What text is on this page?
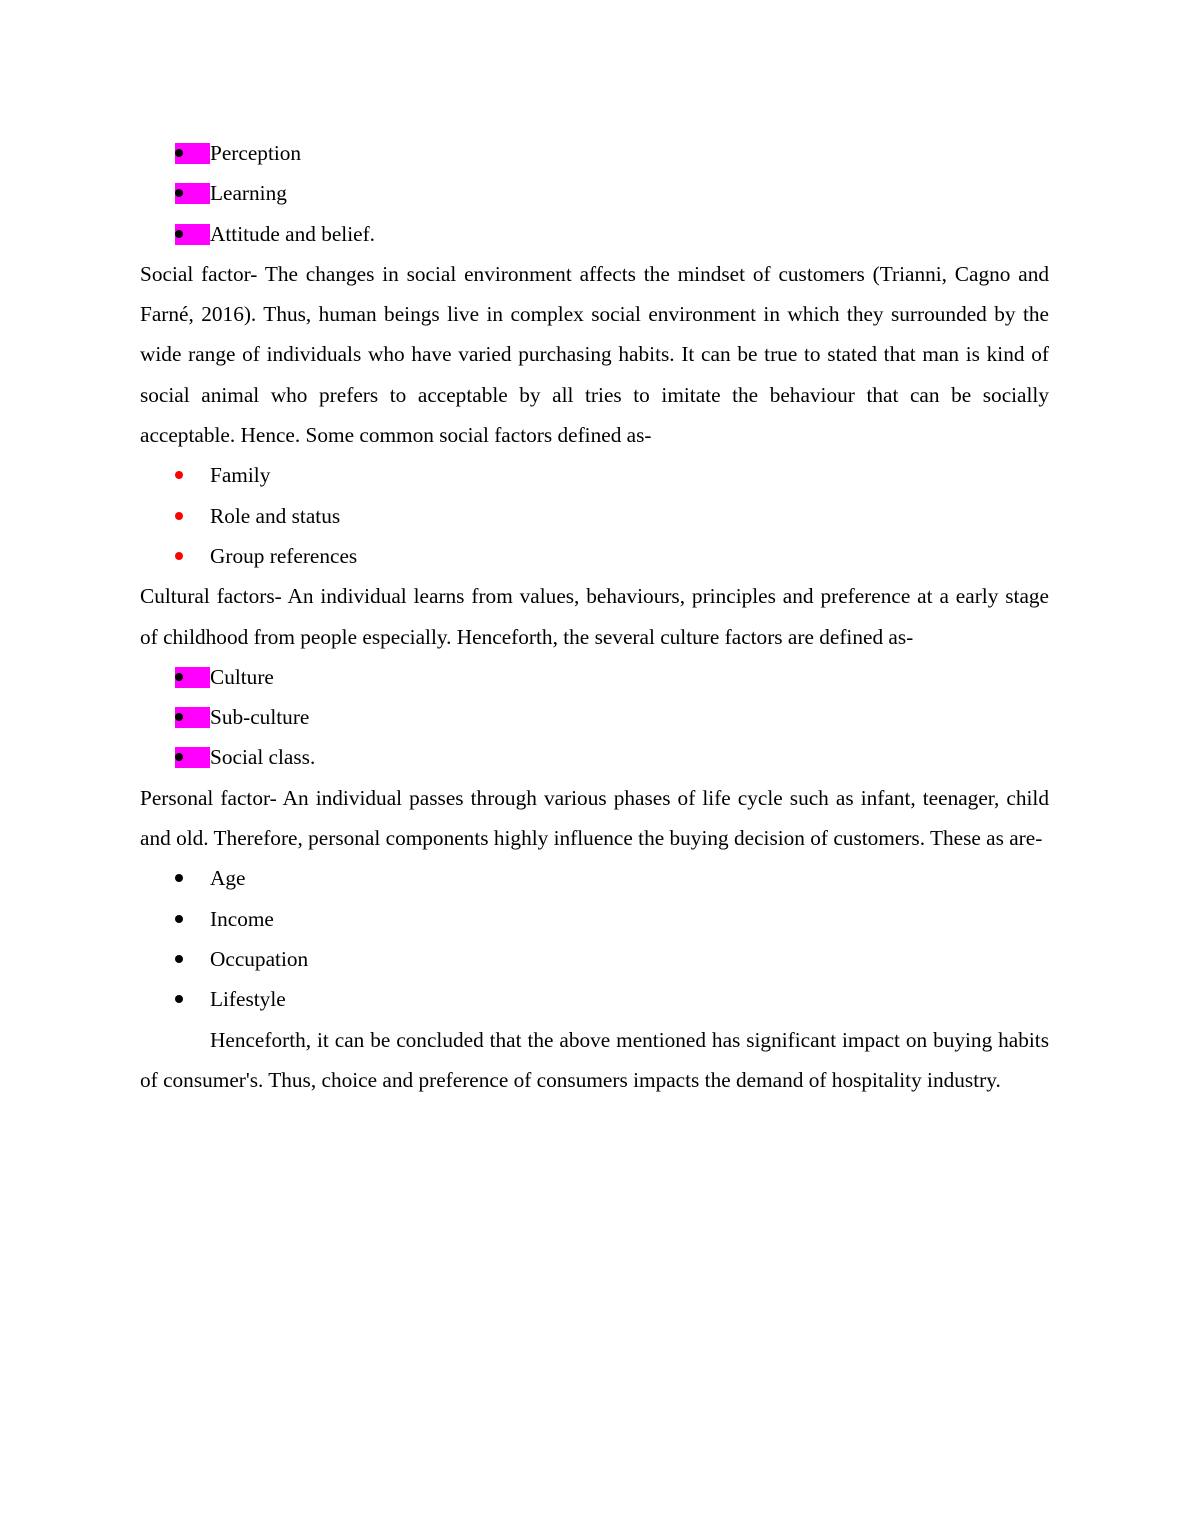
Perception
Learning
Attitude and belief.

Social factor- The changes in social environment affects the mindset of customers (Trianni, Cagno and Farné, 2016). Thus, human beings live in complex social environment in which they surrounded by the wide range of individuals who have varied purchasing habits. It can be true to stated that man is kind of social animal who prefers to acceptable by all tries to imitate the behaviour that can be socially acceptable. Hence. Some common social factors defined as-

Family
Role and status
Group references

Cultural factors- An individual learns from values, behaviours, principles and preference at a early stage of childhood from people especially. Henceforth, the several culture factors are defined as-

Culture
Sub-culture
Social class.

Personal factor- An individual passes through various phases of life cycle such as infant, teenager, child and old. Therefore, personal components highly influence the buying decision of customers. These as are-

Age
Income
Occupation
Lifestyle

Henceforth, it can be concluded that the above mentioned has significant impact on buying habits of consumer's. Thus, choice and preference of consumers impacts the demand of hospitality industry.
